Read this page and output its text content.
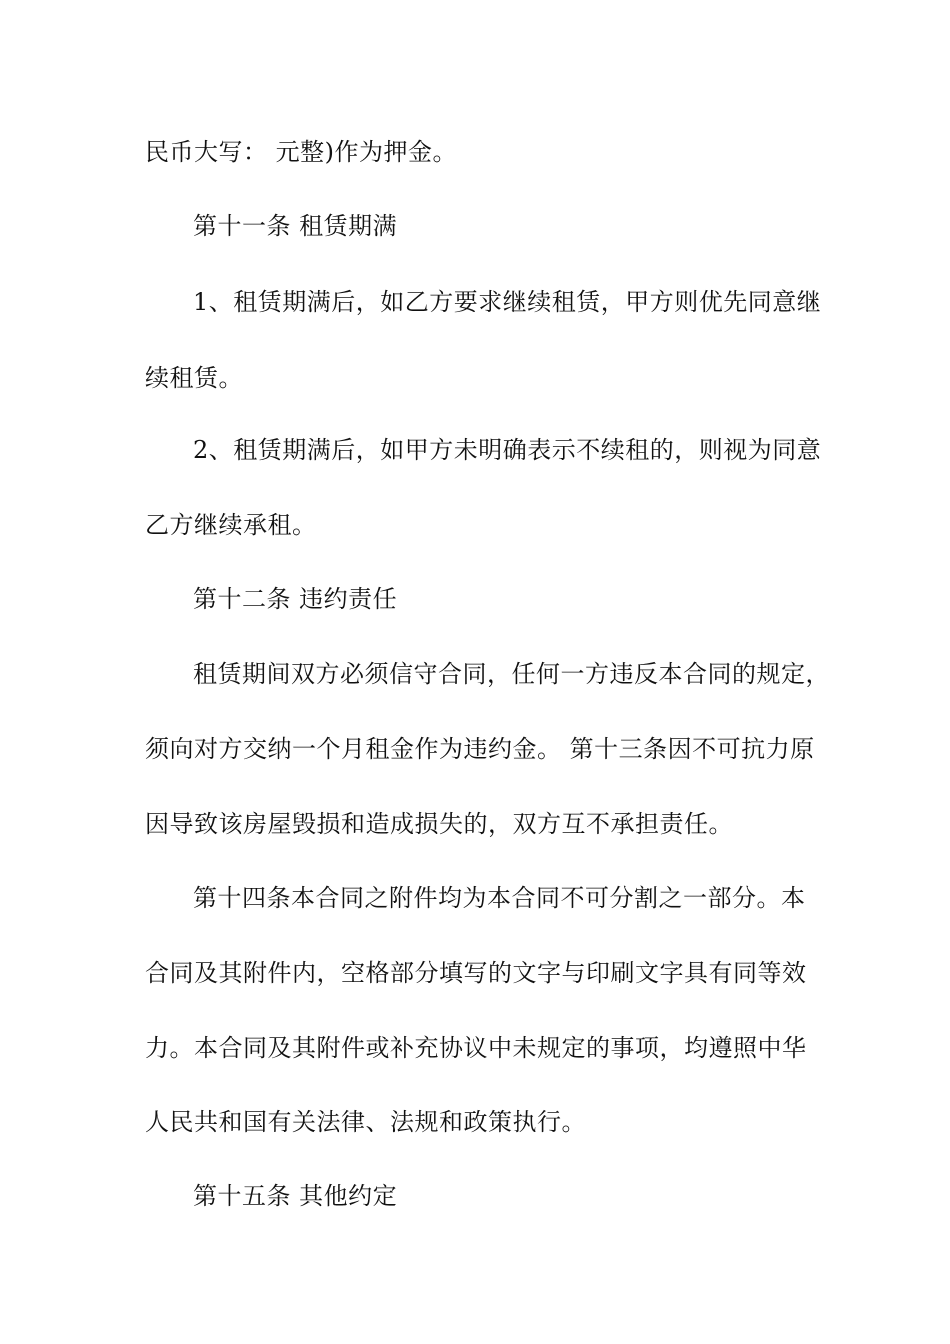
民币大写： 元整)作为押金。
第十一条 租赁期满
1、租赁期满后，如乙方要求继续租赁，甲方则优先同意继
续租赁。
2、租赁期满后，如甲方未明确表示不续租的，则视为同意
乙方继续承租。
第十二条 违约责任
租赁期间双方必须信守合同，任何一方违反本合同的规定，
须向对方交纳一个月租金作为违约金。 第十三条因不可抗力原
因导致该房屋毁损和造成损失的，双方互不承担责任。
第十四条本合同之附件均为本合同不可分割之一部分。本
合同及其附件内，空格部分填写的文字与印刷文字具有同等效
力。本合同及其附件或补充协议中未规定的事项，均遵照中华
人民共和国有关法律、法规和政策执行。
第十五条 其他约定
